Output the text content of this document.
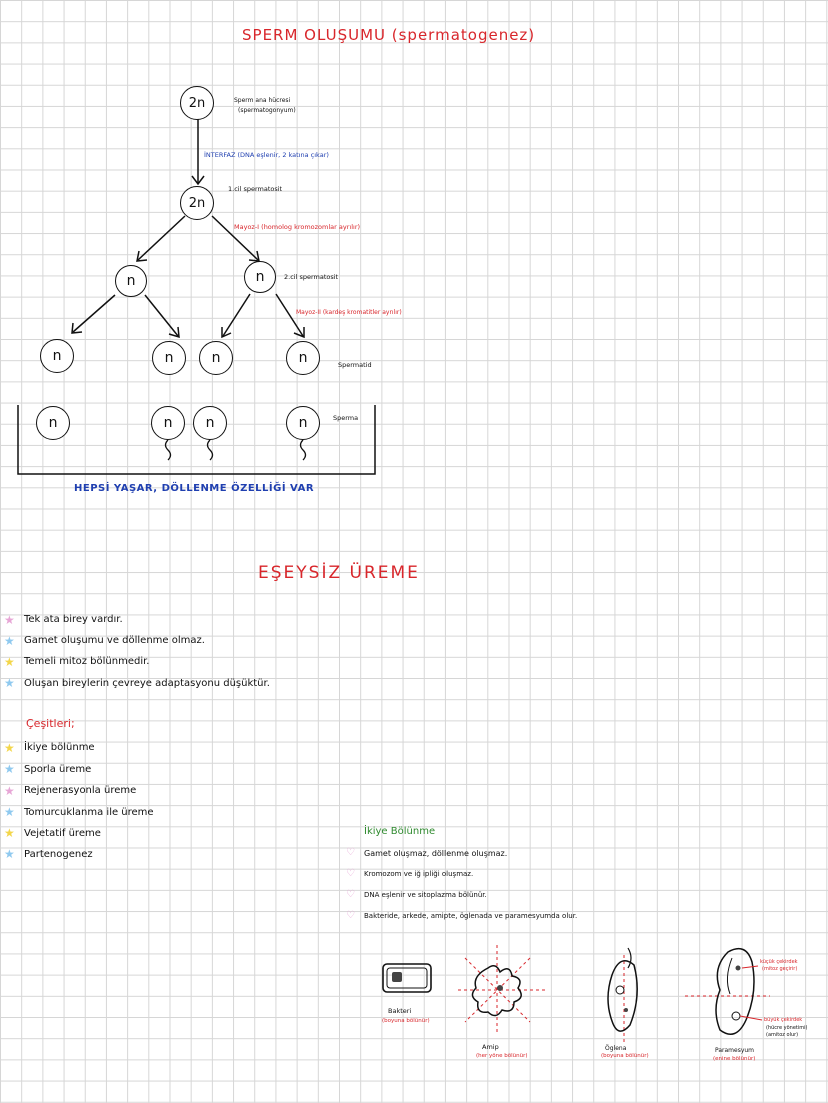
SPERM OLUŞUMU (spermatogenez)
2n	Sperm ana hücresi
(spermatogonyum)
İNTERFAZ (DNA eşlenir, 2 katına çıkar)
2n
1.cil spermatosit
Mayoz-I (homolog kromozomlar ayrılır)
n	n	2.cil spermatosit
Mayoz-II (kardeş kromatitler ayrılır)
n	n	n	n	Spermatid
n	n n	n	Sperma
HEPSİ YAŞAR, DÖLLENME ÖZELLİĞİ VAR
EŞEYSİZ ÜREME
★ Tek ata birey vardır.
★ Gamet oluşumu ve döllenme olmaz.
★ Temeli mitoz bölünmedir.
★ Oluşan bireylerin çevreye adaptasyonu düşüktür.
Çeşitleri;
★ İkiye bölünme
★ Sporla üreme
★ Rejenerasyonla üreme
★ Tomurcuklanma ile üreme
★ Vejetatif üreme
★ Partenogenez
İkiye Bölünme
♡ Gamet oluşmaz, döllenme oluşmaz.
♡ Kromozom ve iğ ipliği oluşmaz.
♡ DNA eşlenir ve sitoplazma bölünür.
♡ Bakteride, arkede, amipte, öglenada ve paramesyumda olur.
Bakteri
(boyuna bölünür)
Amip
(her yöne bölünür)
Öglena
(boyuna bölünür)
Paramesyum
(enine bölünür)
küçük çekirdek
(mitoz geçirir)
büyük çekirdek
(hücre yönetimi)
(amitoz olur)
